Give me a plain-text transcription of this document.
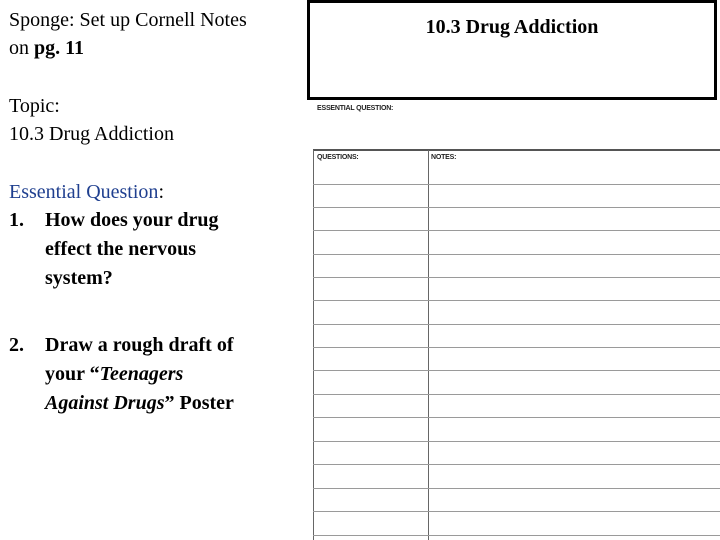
Sponge: Set up Cornell Notes
on pg. 11
Topic:
10.3 Drug Addiction
Essential Question:
1.	How does your drug
effect the nervous
system?
2.	Draw a rough draft of
your “Teenagers
Against Drugs” Poster
10.3 Drug Addiction
ESSENTIAL QUESTION:
QUESTIONS:	NOTES:
